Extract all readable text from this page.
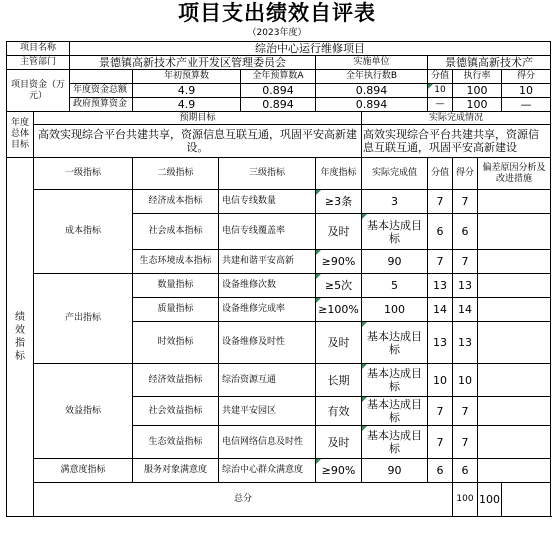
项目支出绩效自评表
（2023年度）
项目名称		综治中心运行维修项目									
主管部门		景德镇高新技术产业开发区管理委员会				实施单位		景德镇高新技术产			
项目资金（万元）			年初预算数		全年预算数A	全年执行数B		分值	执行率		得分
		年度资金总额	4.9		0.894	0.894		10	100		10
		政府预算资金	4.9		0.894	0.894		—	100		—
年度总体目标	预期目标						实际完成情况				
	高效实现综合平台共建共享，资源信息互联互通，巩固平安高新建设。						高效实现综合平台共建共享，资源信息互联互通，巩固平安高新建设				
绩效指标	一级指标		二级指标	三级指标		年度指标	实际完成值	分值	得分	偏差原因分析及改进措施	
	成本指标		经济成本指标	电信专线数量		≥3条	3	7	7		
			社会成本指标	电信专线覆盖率		及时	基本达成目标	6	6		
			生态环境成本指标	共建和谐平安高新		≥90%	90	7	7		
	产出指标		数量指标	设备维修次数		≥5次	5	13	13		
			质量指标	设备维修完成率		≥100%	100	14	14		
			时效指标	设备维修及时性		及时	基本达成目标	13	13		
	效益指标		经济效益指标	综治资源互通		长期	基本达成目标	10	10		
			社会效益指标	共建平安园区		有效	基本达成目标	7	7		
			生态效益指标	电信网络信息及时性		及时	基本达成目标	7	7		
	满意度指标		服务对象满意度	综治中心群众满意度		≥90%	90	6	6		
	总分								100	100	
